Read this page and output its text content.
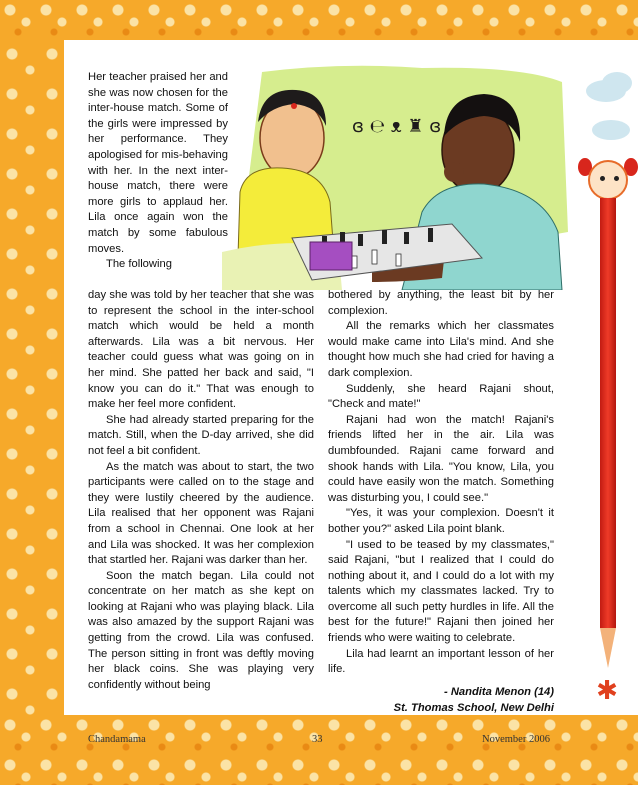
✱
ɞ ℮ ᴥ ♜ ɞ

Her teacher praised her and she was now chosen for the inter-house match. Some of the girls were impressed by her performance. They apologised for mis-behaving with her. In the next inter-house match, there were more girls to applaud her. Lila once again won the match by some fabulous moves.

The following

day she was told by her teacher that she was to represent the school in the inter-school match which would be held a month afterwards. Lila was a bit nervous. Her teacher could guess what was going on in her mind. She patted her back and said, "I know you can do it." That was enough to make her feel more confident.

She had already started preparing for the match. Still, when the D-day arrived, she did not feel a bit confident.

As the match was about to start, the two participants were called on to the stage and they were lustily cheered by the audience. Lila realised that her opponent was Rajani from a school in Chennai. One look at her and Lila was shocked. It was her complexion that startled her. Rajani was darker than her.

Soon the match began. Lila could not concentrate on her match as she kept on looking at Rajani who was playing black. Lila was also amazed by the support Rajani was getting from the crowd. Lila was confused. The person sitting in front was deftly moving her black coins. She was playing very confidently without being

bothered by anything, the least bit by her complexion.

All the remarks which her classmates would make came into Lila's mind. And she thought how much she had cried for having a dark complexion.

Suddenly, she heard Rajani shout, "Check and mate!"

Rajani had won the match! Rajani's friends lifted her in the air. Lila was dumbfounded. Rajani came forward and shook hands with Lila. "You know, Lila, you could have easily won the match. Something was disturbing you, I could see."

"Yes, it was your complexion. Doesn't it bother you?" asked Lila point blank.

"I used to be teased by my classmates," said Rajani, "but I realized that I could do nothing about it, and I could do a lot with my talents which my classmates lacked. Try to overcome all such petty hurdles in life. All the best for the future!" Rajani then joined her friends who were waiting to celebrate.

Lila had learnt an important lesson of her life.

- Nandita Menon (14)
St. Thomas School, New Delhi
Chandamama	33	November 2006
